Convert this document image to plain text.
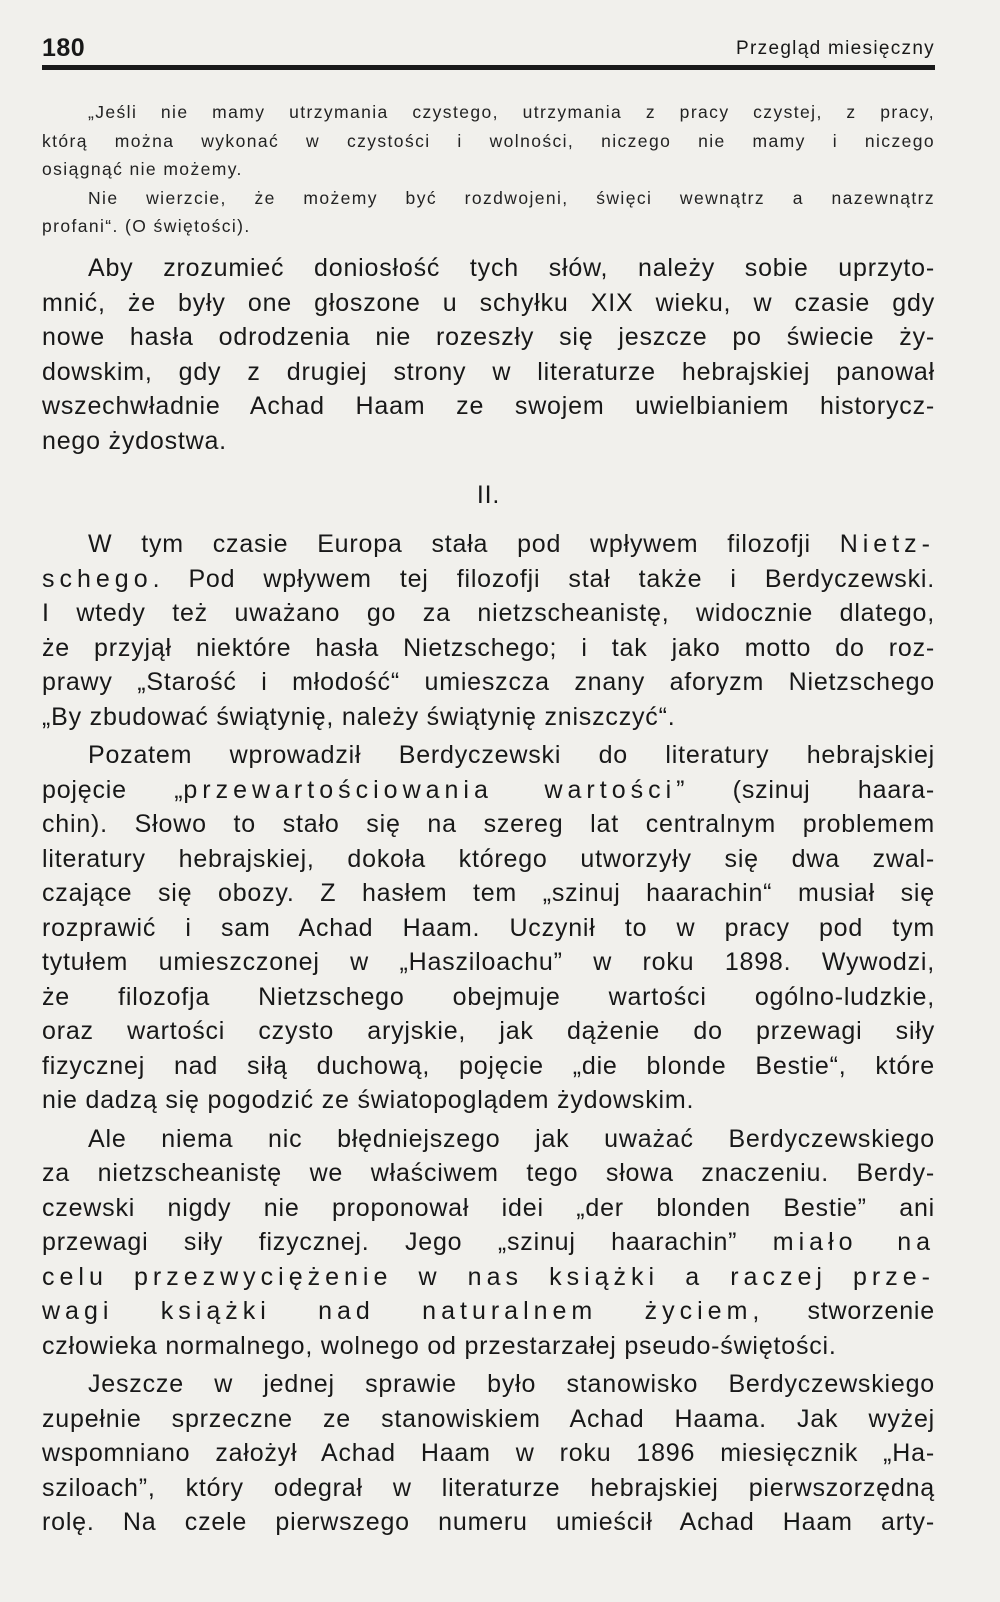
180	Przegląd miesięczny
„Jeśli nie mamy utrzymania czystego, utrzymania z pracy czystej, z pracy,
którą można wykonać w czystości i wolności, niczego nie mamy i niczego
osiągnąć nie możemy.
Nie wierzcie, że możemy być rozdwojeni, święci wewnątrz a nazewnątrz
profani“. (O świętości).
Aby zrozumieć doniosłość tych słów, należy sobie uprzyto-
mnić, że były one głoszone u schyłku XIX wieku, w czasie gdy
nowe hasła odrodzenia nie rozeszły się jeszcze po świecie ży-
dowskim, gdy z drugiej strony w literaturze hebrajskiej panował
wszechwładnie Achad Haam ze swojem uwielbianiem historycz-
nego żydostwa.
II.
W tym czasie Europa stała pod wpływem filozofji Nietz-
schego. Pod wpływem tej filozofji stał także i Berdyczewski.
I wtedy też uważano go za nietzscheanistę, widocznie dlatego,
że przyjął niektóre hasła Nietzschego; i tak jako motto do roz-
prawy „Starość i młodość“ umieszcza znany aforyzm Nietzschego
„By zbudować świątynię, należy świątynię zniszczyć“.
Pozatem wprowadził Berdyczewski do literatury hebrajskiej
pojęcie „przewartościowania wartości” (szinuj haara-
chin). Słowo to stało się na szereg lat centralnym problemem
literatury hebrajskiej, dokoła którego utworzyły się dwa zwal-
czające się obozy. Z hasłem tem „szinuj haarachin“ musiał się
rozprawić i sam Achad Haam. Uczynił to w pracy pod tym
tytułem umieszczonej w „Hasziloachu” w roku 1898. Wywodzi,
że filozofja Nietzschego obejmuje wartości ogólno-ludzkie,
oraz wartości czysto aryjskie, jak dążenie do przewagi siły
fizycznej nad siłą duchową, pojęcie „die blonde Bestie“, które
nie dadzą się pogodzić ze światopoglądem żydowskim.
Ale niema nic błędniejszego jak uważać Berdyczewskiego
za nietzscheanistę we właściwem tego słowa znaczeniu. Berdy-
czewski nigdy nie proponował idei „der blonden Bestie” ani
przewagi siły fizycznej. Jego „szinuj haarachin” miało na
celu przezwyciężenie w nas książki a raczej prze-
wagi książki nad naturalnem życiem, stworzenie
człowieka normalnego, wolnego od przestarzałej pseudo-świętości.
Jeszcze w jednej sprawie było stanowisko Berdyczewskiego
zupełnie sprzeczne ze stanowiskiem Achad Haama. Jak wyżej
wspomniano założył Achad Haam w roku 1896 miesięcznik „Ha-
sziloach”, który odegrał w literaturze hebrajskiej pierwszorzędną
rolę. Na czele pierwszego numeru umieścił Achad Haam arty-
